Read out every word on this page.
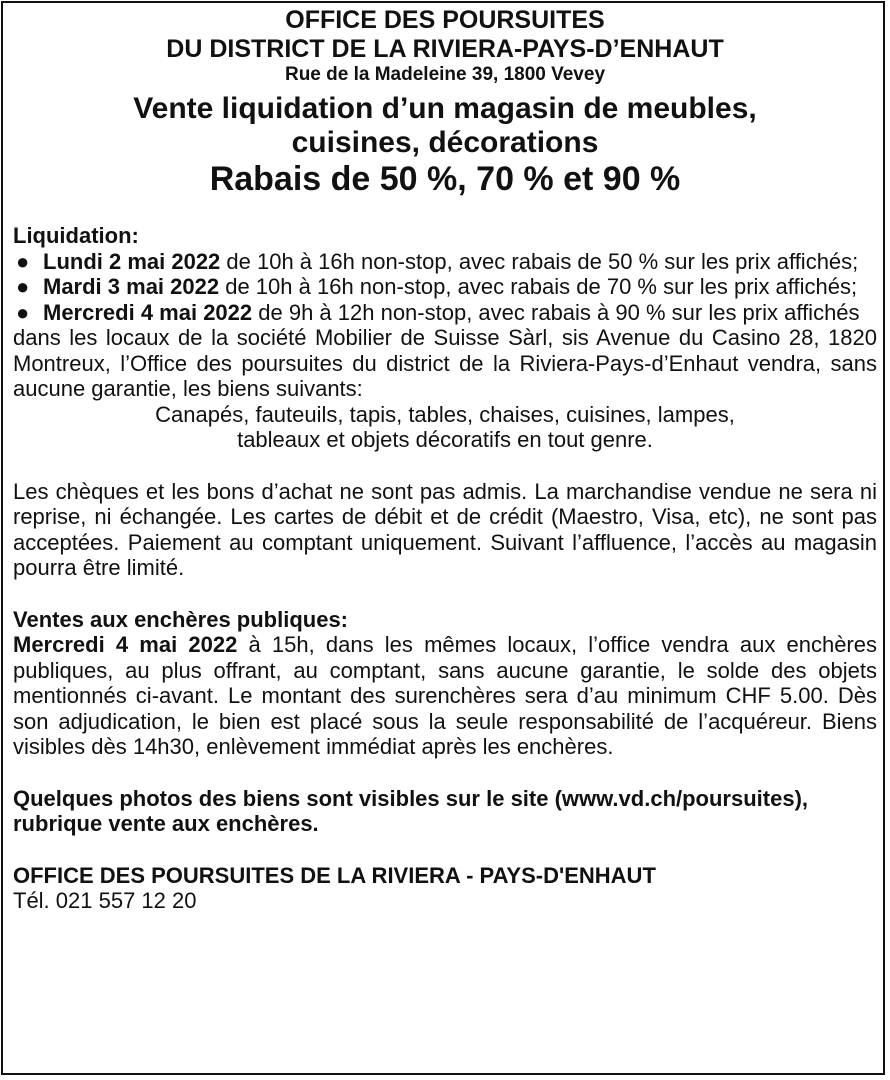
OFFICE DES POURSUITES
DU DISTRICT DE LA RIVIERA-PAYS-D’ENHAUT
Rue de la Madeleine 39, 1800 Vevey
Vente liquidation d’un magasin de meubles,
cuisines, décorations
Rabais de 50 %, 70 % et 90 %
Liquidation:
● Lundi 2 mai 2022 de 10h à 16h non-stop, avec rabais de 50 % sur les prix affichés;
● Mardi 3 mai 2022 de 10h à 16h non-stop, avec rabais de 70 % sur les prix affichés;
● Mercredi 4 mai 2022 de 9h à 12h non-stop, avec rabais à 90 % sur les prix affichés

dans les locaux de la société Mobilier de Suisse Sàrl, sis Avenue du Casino 28, 1820 Montreux, l’Office des poursuites du district de la Riviera-Pays-d’Enhaut vendra, sans aucune garantie, les biens suivants:

Canapés, fauteuils, tapis, tables, chaises, cuisines, lampes,
tableaux et objets décoratifs en tout genre.

Les chèques et les bons d’achat ne sont pas admis. La marchandise vendue ne sera ni reprise, ni échangée. Les cartes de débit et de crédit (Maestro, Visa, etc), ne sont pas acceptées. Paiement au comptant uniquement. Suivant l’affluence, l’accès au magasin pourra être limité.

Ventes aux enchères publiques:

Mercredi 4 mai 2022 à 15h, dans les mêmes locaux, l’office vendra aux enchères publiques, au plus offrant, au comptant, sans aucune garantie, le solde des objets mentionnés ci-avant. Le montant des surenchères sera d’au minimum CHF 5.00. Dès son adjudication, le bien est placé sous la seule responsabilité de l’acquéreur. Biens visibles dès 14h30, enlèvement immédiat après les enchères.

Quelques photos des biens sont visibles sur le site (www.vd.ch/poursuites), rubrique vente aux enchères.

OFFICE DES POURSUITES DE LA RIVIERA - PAYS-D'ENHAUT
Tél. 021 557 12 20
